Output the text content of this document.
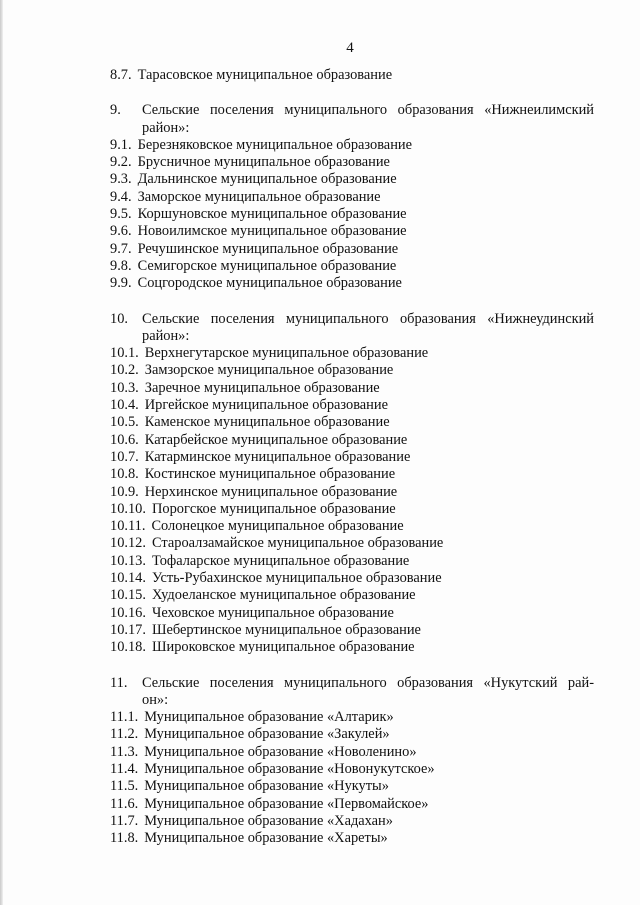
4
8.7. Тарасовское муниципальное образование
9.	Сельские поселения муниципального образования «Нижнеилимский
район»:
9.1. Березняковское муниципальное образование
9.2. Брусничное муниципальное образование
9.3. Дальнинское муниципальное образование
9.4. Заморское муниципальное образование
9.5. Коршуновское муниципальное образование
9.6. Новоилимское муниципальное образование
9.7. Речушинское муниципальное образование
9.8. Семигорское муниципальное образование
9.9. Соцгородское муниципальное образование
10. Сельские поселения муниципального образования «Нижнеудинский
район»:
10.1. Верхнегутарское муниципальное образование
10.2. Замзорское муниципальное образование
10.3. Заречное муниципальное образование
10.4. Иргейское муниципальное образование
10.5. Каменское муниципальное образование
10.6. Катарбейское муниципальное образование
10.7. Катарминское муниципальное образование
10.8. Костинское муниципальное образование
10.9. Нерхинское муниципальное образование
10.10. Порогское муниципальное образование
10.11. Солонецкое муниципальное образование
10.12. Староалзамайское муниципальное образование
10.13. Тофаларское муниципальное образование
10.14. Усть-Рубахинское муниципальное образование
10.15. Худоеланское муниципальное образование
10.16. Чеховское муниципальное образование
10.17. Шебертинское муниципальное образование
10.18. Широковское муниципальное образование
11.	Сельские поселения муниципального образования «Нукутский рай-
он»:
11.1. Муниципальное образование «Алтарик»
11.2. Муниципальное образование «Закулей»
11.3. Муниципальное образование «Новоленино»
11.4. Муниципальное образование «Новонукутское»
11.5. Муниципальное образование «Нукуты»
11.6. Муниципальное образование «Первомайское»
11.7. Муниципальное образование «Хадахан»
11.8. Муниципальное образование «Хареты»
